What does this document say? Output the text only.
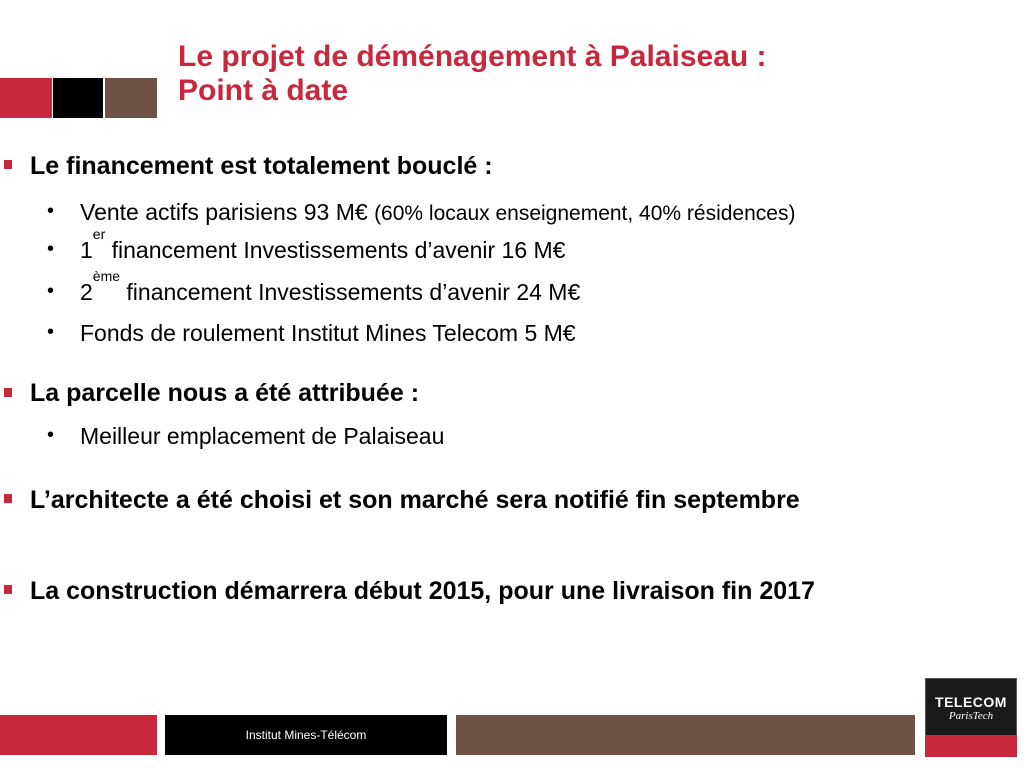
Le projet de déménagement à Palaiseau :
Point à date
Le financement est totalement bouclé :
• Vente actifs parisiens 93 M€ (60% locaux enseignement, 40% résidences)
• 1er financement Investissements d’avenir 16 M€
• 2ème financement Investissements d’avenir 24 M€
• Fonds de roulement Institut Mines Telecom 5 M€
La parcelle nous a été attribuée :
• Meilleur emplacement de Palaiseau
L’architecte a été choisi et son marché sera notifié fin septembre
La construction démarrera début 2015, pour une livraison fin 2017
Institut Mines-Télécom
TELECOM
ParisTech
